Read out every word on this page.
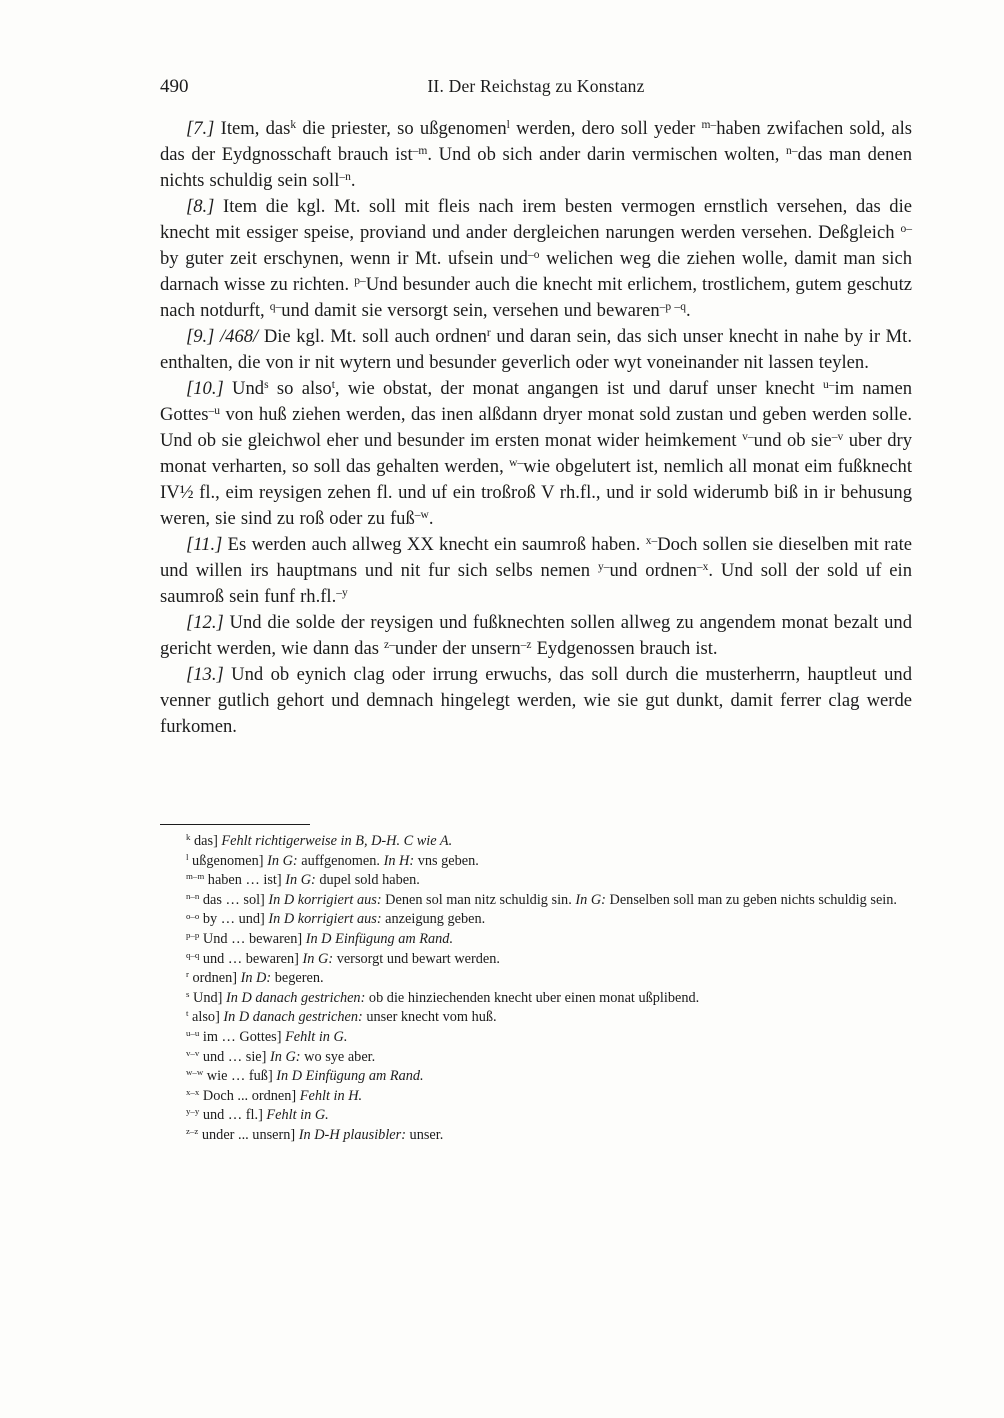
490	II. Der Reichstag zu Konstanz

[7.] Item, das$^k$ die priester, so ußgenomen$^l$ werden, dero soll yeder $^{m-}$haben zwifachen sold, als das der Eydgnosschaft brauch ist$^{-m}$. Und ob sich ander darin vermischen wolten, $^{n-}$das man denen nichts schuldig sein soll$^{-n}$.

[8.] Item die kgl. Mt. soll mit fleis nach irem besten vermogen ernstlich versehen, das die knecht mit essiger speise, proviand und ander dergleichen narungen werden versehen. Deßgleich $^{o-}$by guter zeit erschynen, wenn ir Mt. ufsein und$^{-o}$ welichen weg die ziehen wolle, damit man sich darnach wisse zu richten. $^{p-}$Und besunder auch die knecht mit erlichem, trostlichem, gutem geschutz nach notdurft, $^{q-}$und damit sie versorgt sein, versehen und bewaren$^{-p -q}$.

[9.] /468/ Die kgl. Mt. soll auch ordnen$^r$ und daran sein, das sich unser knecht in nahe by ir Mt. enthalten, die von ir nit wytern und besunder geverlich oder wyt voneinander nit lassen teylen.

[10.] Und$^s$ so also$^t$, wie obstat, der monat angangen ist und daruf unser knecht $^{u-}$im namen Gottes$^{-u}$ von huß ziehen werden, das inen alßdann dryer monat sold zustan und geben werden solle. Und ob sie gleichwol eher und besunder im ersten monat wider heimkement $^{v-}$und ob sie$^{-v}$ uber dry monat verharten, so soll das gehalten werden, $^{w-}$wie obgelutert ist, nemlich all monat eim fußknecht IV½ fl., eim reysigen zehen fl. und uf ein troßroß V rh.fl., und ir sold widerumb biß in ir behusung weren, sie sind zu roß oder zu fuß$^{-w}$.

[11.] Es werden auch allweg XX knecht ein saumroß haben. $^{x-}$Doch sollen sie dieselben mit rate und willen irs hauptmans und nit fur sich selbs nemen $^{y-}$und ordnen$^{-x}$. Und soll der sold uf ein saumroß sein funf rh.fl.$^{-y}$

[12.] Und die solde der reysigen und fußknechten sollen allweg zu angendem monat bezalt und gericht werden, wie dann das $^{z-}$under der unsern$^{-z}$ Eydgenossen brauch ist.

[13.] Und ob eynich clag oder irrung erwuchs, das soll durch die musterherrn, hauptleut und venner gutlich gehort und demnach hingelegt werden, wie sie gut dunkt, damit ferrer clag werde furkomen.

$^k$ das] Fehlt richtigerweise in B, D-H. C wie A.

$^l$ ußgenomen] In G: auffgenomen. In H: vns geben.

$^{m-m}$ haben … ist] In G: dupel sold haben.

$^{n-n}$ das … sol] In D korrigiert aus: Denen sol man nitz schuldig sin. In G: Denselben soll man zu geben nichts schuldig sein.

$^{o-o}$ by … und] In D korrigiert aus: anzeigung geben.

$^{p-p}$ Und … bewaren] In D Einfügung am Rand.

$^{q-q}$ und … bewaren] In G: versorgt und bewart werden.

$^r$ ordnen] In D: begeren.

$^s$ Und] In D danach gestrichen: ob die hinziechenden knecht uber einen monat ußplibend.

$^t$ also] In D danach gestrichen: unser knecht vom huß.

$^{u-u}$ im … Gottes] Fehlt in G.

$^{v-v}$ und … sie] In G: wo sye aber.

$^{w-w}$ wie … fuß] In D Einfügung am Rand.

$^{x-x}$ Doch ... ordnen] Fehlt in H.

$^{y-y}$ und … fl.] Fehlt in G.

$^{z-z}$ under ... unsern] In D-H plausibler: unser.
